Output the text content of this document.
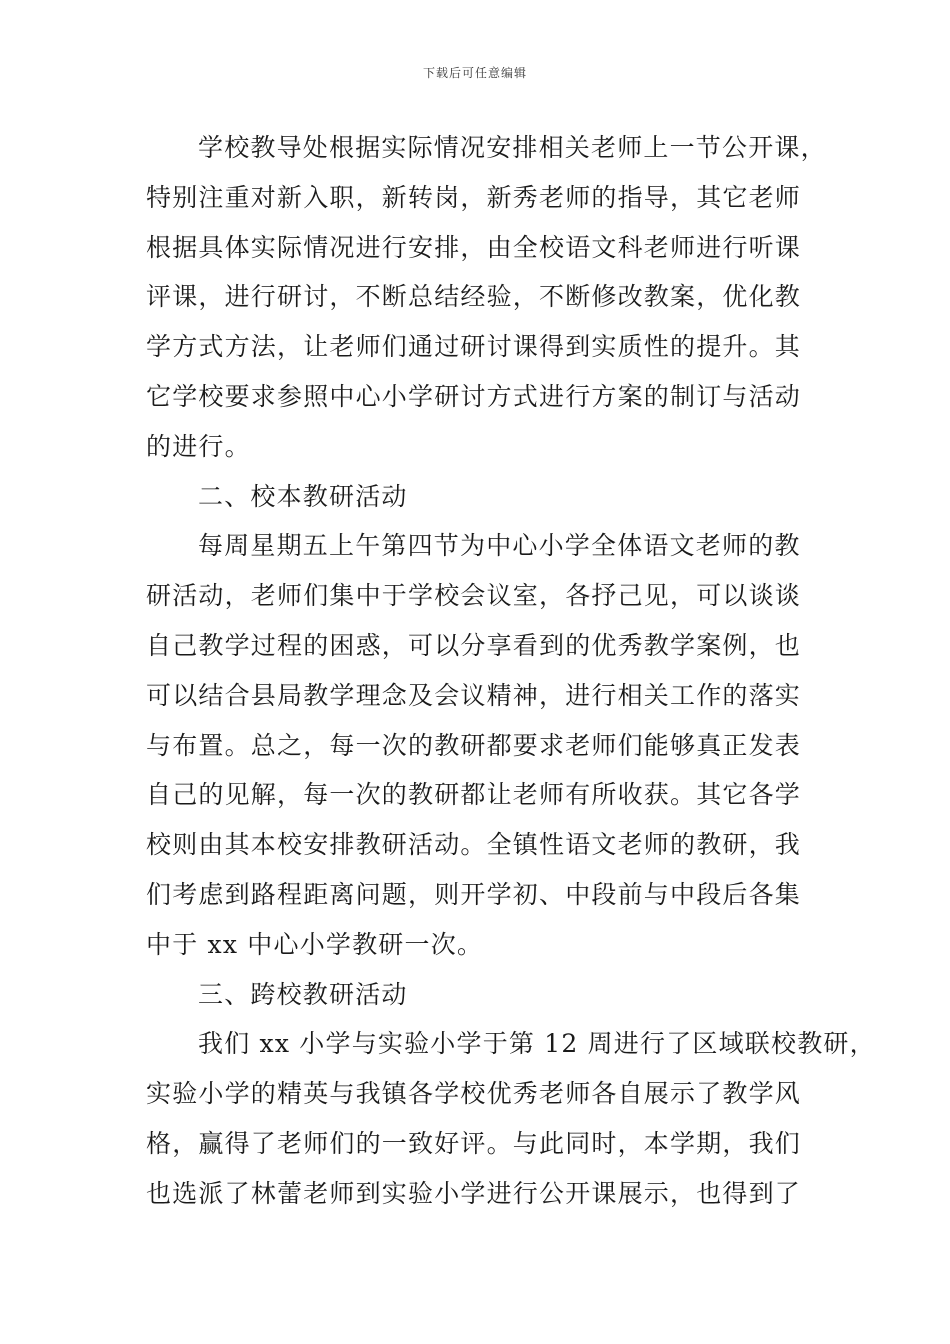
下载后可任意编辑
学校教导处根据实际情况安排相关老师上一节公开课，
特别注重对新入职，新转岗，新秀老师的指导，其它老师
根据具体实际情况进行安排，由全校语文科老师进行听课
评课，进行研讨，不断总结经验，不断修改教案，优化教
学方式方法，让老师们通过研讨课得到实质性的提升。其
它学校要求参照中心小学研讨方式进行方案的制订与活动
的进行。
二、校本教研活动
每周星期五上午第四节为中心小学全体语文老师的教
研活动，老师们集中于学校会议室，各抒己见，可以谈谈
自己教学过程的困惑，可以分享看到的优秀教学案例，也
可以结合县局教学理念及会议精神，进行相关工作的落实
与布置。总之，每一次的教研都要求老师们能够真正发表
自己的见解，每一次的教研都让老师有所收获。其它各学
校则由其本校安排教研活动。全镇性语文老师的教研，我
们考虑到路程距离问题，则开学初、中段前与中段后各集
中于 xx 中心小学教研一次。
三、跨校教研活动
我们 xx 小学与实验小学于第 12 周进行了区域联校教研，
实验小学的精英与我镇各学校优秀老师各自展示了教学风
格，赢得了老师们的一致好评。与此同时，本学期，我们
也选派了林蕾老师到实验小学进行公开课展示，也得到了
